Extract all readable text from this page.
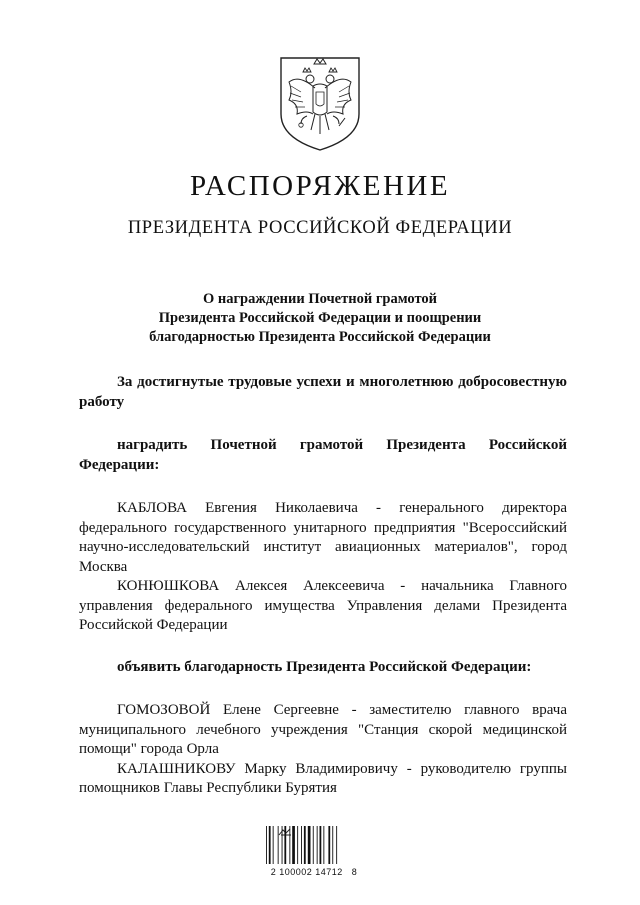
РАСПОРЯЖЕНИЕ
ПРЕЗИДЕНТА РОССИЙСКОЙ ФЕДЕРАЦИИ
О награждении Почетной грамотой
Президента Российской Федерации и поощрении
благодарностью Президента Российской Федерации

За достигнутые трудовые успехи и многолетнюю добросовестную работу

наградить Почетной грамотой Президента Российской Федерации:

КАБЛОВА Евгения Николаевича - генерального директора федерального государственного унитарного предприятия "Всероссийский научно-исследовательский институт авиационных материалов", город Москва

КОНЮШКОВА Алексея Алексеевича - начальника Главного управления федерального имущества Управления делами Президента Российской Федерации

объявить благодарность Президента Российской Федерации:

ГОМОЗОВОЙ Елене Сергеевне - заместителю главного врача муниципального лечебного учреждения "Станция скорой медицинской помощи" города Орла

КАЛАШНИКОВУ Марку Владимировичу - руководителю группы помощников Главы Республики Бурятия

2 100002 14712   8
